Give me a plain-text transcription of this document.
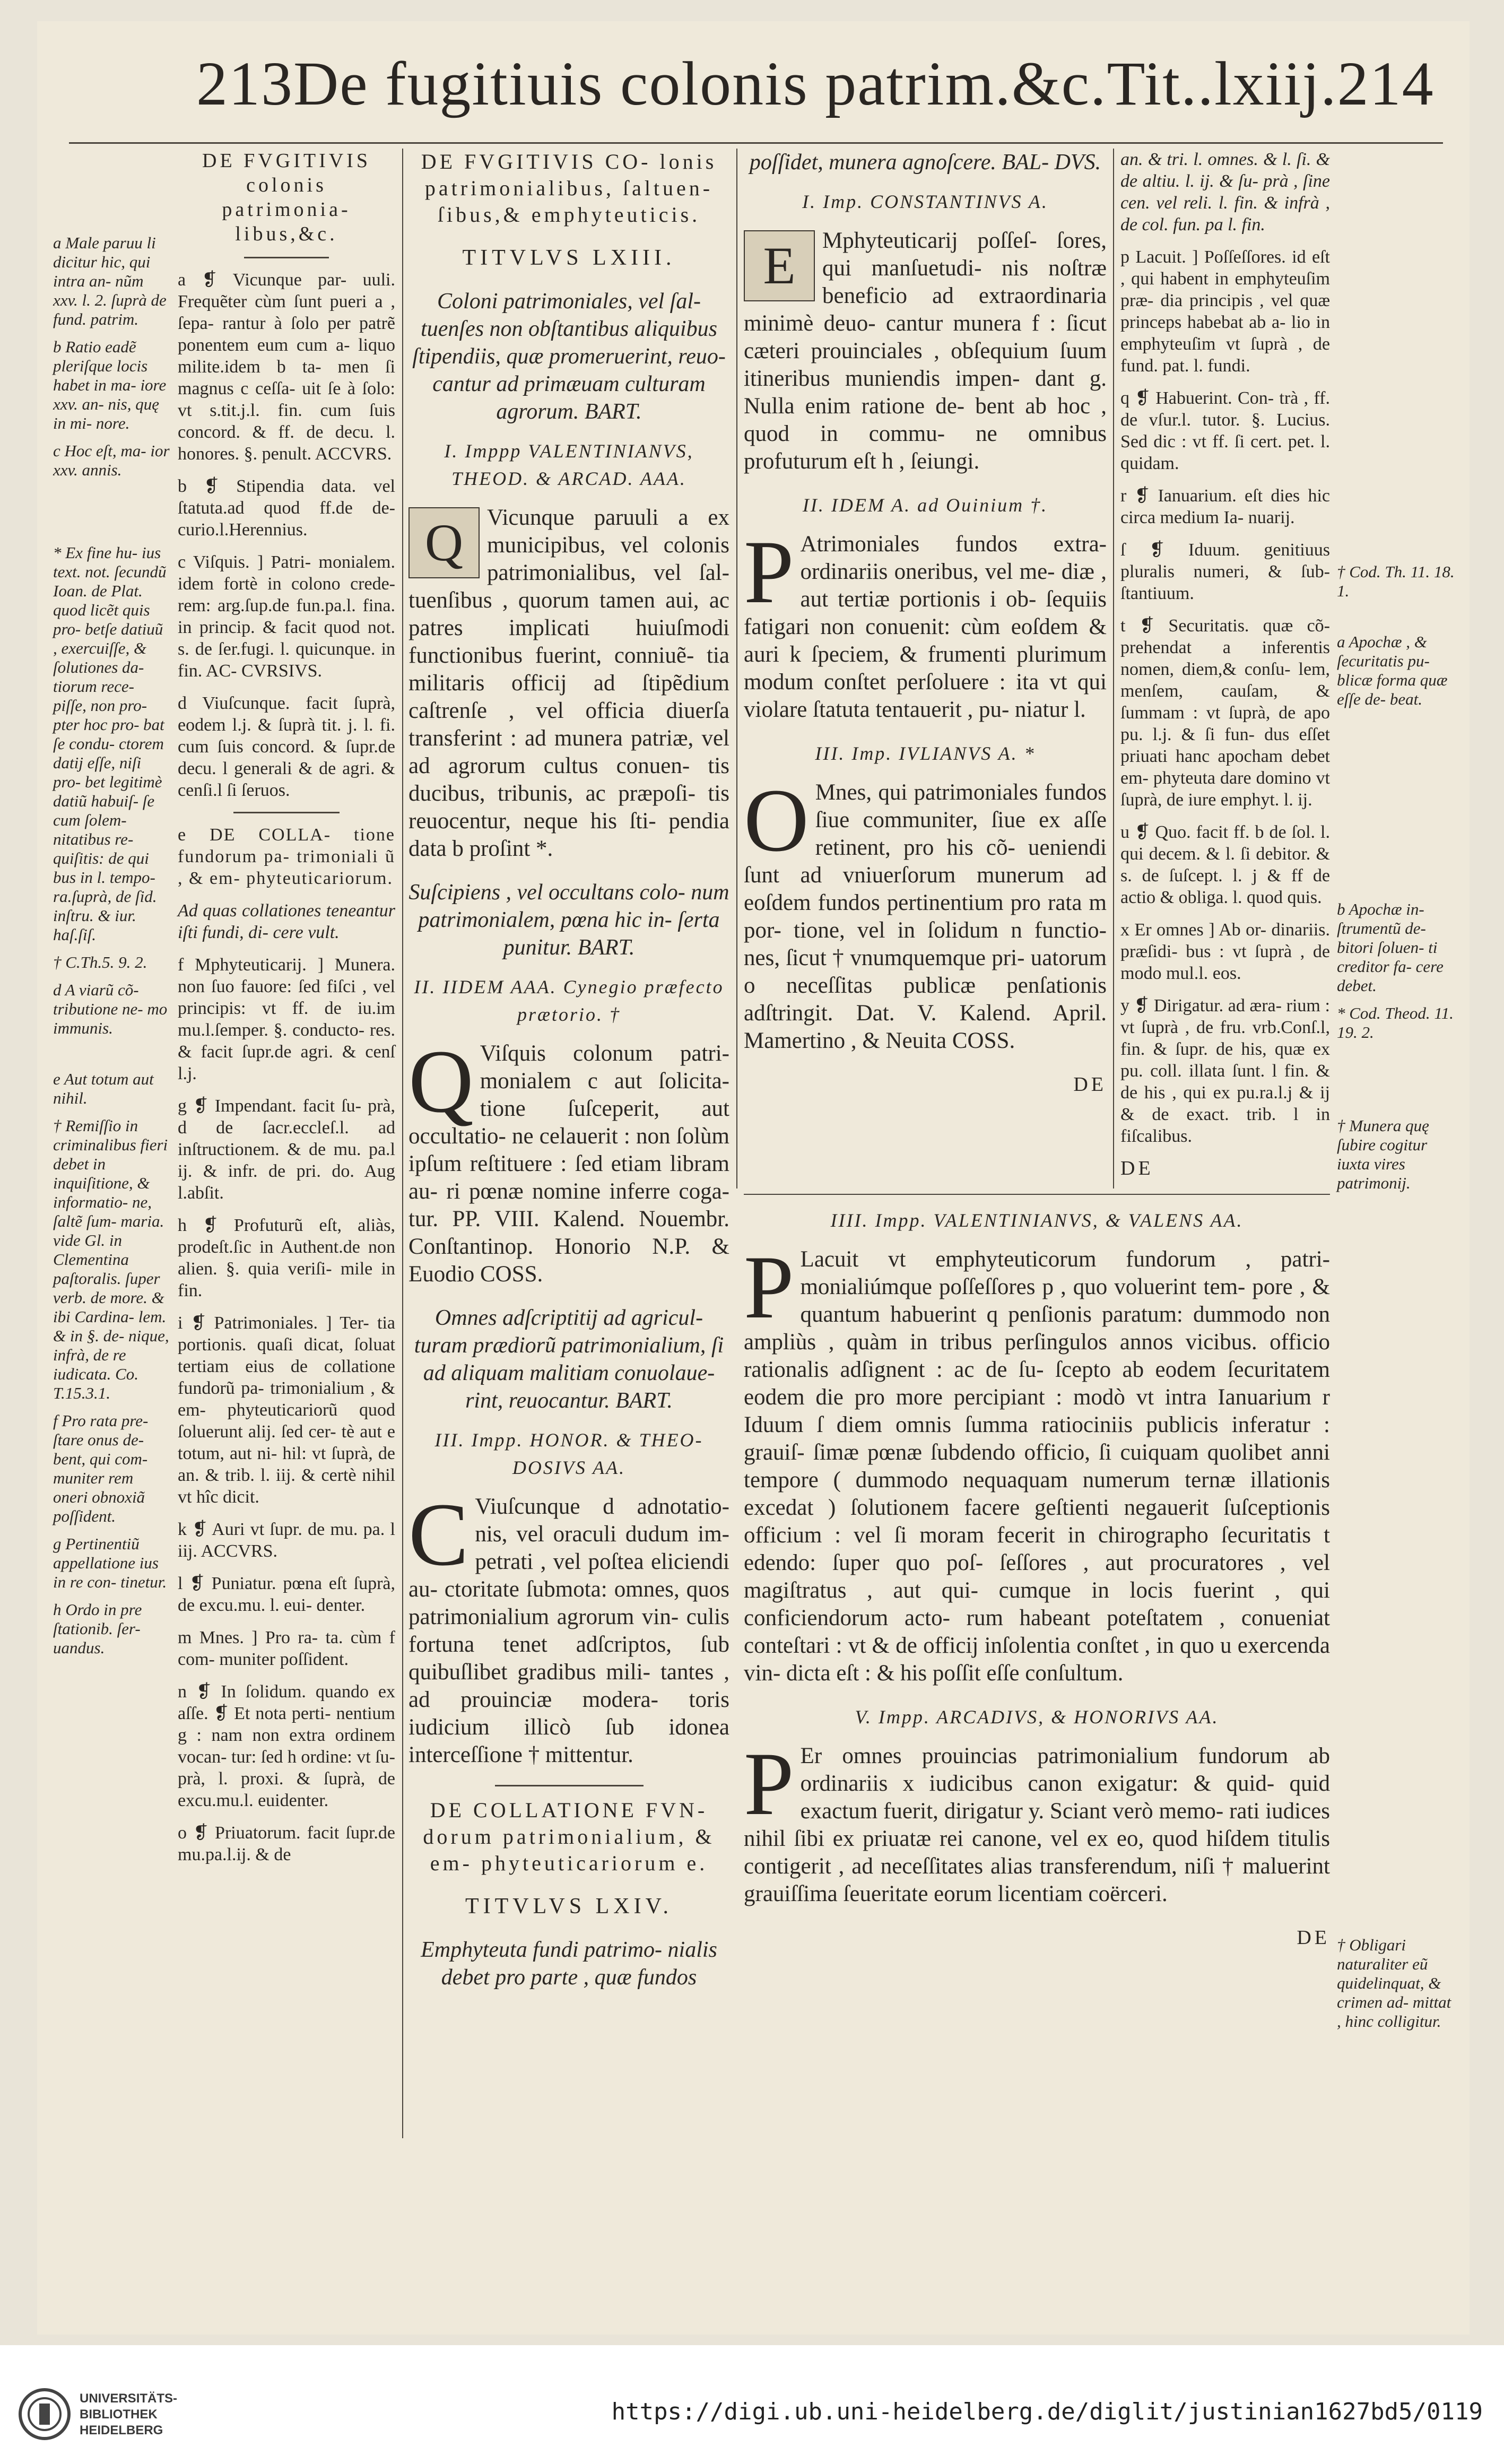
213 De fugitiuis colonis patrim.&c.Tit..lxiij. 214

a Male paruu li dicitur hic, qui intra an- nũm xxv. l. 2. ſuprà de fund. patrim.

b Ratio eadẽ pleriſque locis habet in ma- iore xxv. an- nis, quę in mi- nore.

c Hoc eſt, ma- ior xxv. annis.

* Ex fine hu- ius text. not. ſecundũ Ioan. de Plat. quod licẽt quis pro- betſe datiuũ , exercuiſſe, & ſolutiones da- tiorum rece- piſſe, non pro- pter hoc pro- bat ſe condu- ctorem datij eſſe, niſi pro- bet legitimè datiũ habuiſ- ſe cum ſolem- nitatibus re- quiſitis: de qui bus in l. tempo- ra.ſuprà, de ſid. inſtru. & iur. haſ.ſiſ.

† C.Th.5. 9. 2.

d A viarũ cõ- tributione ne- mo immunis.

e Aut totum aut nihil.

† Remiſſio in criminalibus fieri debet in inquiſitione, & informatio- ne, ſaltẽ ſum- maria. vide Gl. in Clementina paſtoralis. ſuper verb. de more. & ibi Cardina- lem. & in §. de- nique, infrà, de re iudicata. Co. T.15.3.1.

f Pro rata pre- ſtare onus de- bent, qui com- muniter rem oneri obnoxiã poſſident.

g Pertinentiũ appellatione ius in re con- tinetur.

h Ordo in pre ſtationib. ſer- uandus.

DE FVGITIVIS colonis patrimonia- libus,&c.

a ❡ Vicunque par- uuli. Frequẽter cùm ſunt pueri a , ſepa- rantur à ſolo per patrẽ ponentem eum cum a- liquo milite.idem b ta- men ſi magnus c ceſſa- uit ſe à ſolo: vt s.tit.j.l. fin. cum ſuis concord. & ff. de decu. l. honores. §. penult. ACCVRS.

b ❡ Stipendia data. vel ſtatuta.ad quod ff.de de- curio.l.Herennius.

c Viſquis. ] Patri- monialem. idem fortè in colono crede- rem: arg.ſup.de fun.pa.l. fina. in princip. & facit quod not. s. de ſer.fugi. l. quicunque. in fin. AC- CVRSIVS.

d Viuſcunque. facit ſuprà, eodem l.j. & ſuprà tit. j. l. fi. cum ſuis concord. & ſupr.de decu. l generali & de agri. & cenſi.l ſi ſeruos.

e DE COLLA- tione fundorum pa- trimoniali ũ , & em- phyteuticariorum.

Ad quas collationes teneantur iſti fundi, di- cere vult.

f Mphyteuticarij. ] Munera. non ſuo fauore: ſed fiſci , vel principis: vt ff. de iu.im mu.l.ſemper. §. conducto- res. & facit ſupr.de agri. & cenſ l.j.

g ❡ Impendant. facit ſu- prà, d de ſacr.eccleſ.l. ad inſtructionem. & de mu. pa.l ij. & infr. de pri. do. Aug l.abſit.

h ❡ Profuturũ eſt, aliàs, prodeſt.ſic in Authent.de non alien. §. quia veriſi- mile in fin.

i ❡ Patrimoniales. ] Ter- tia portionis. quaſi dicat, ſoluat tertiam eius de collatione fundorũ pa- trimonialium , & em- phyteuticariorũ quod ſoluerunt alij. ſed cer- tè aut e totum, aut ni- hil: vt ſuprà, de an. & trib. l. iij. & certè nihil vt hîc dicit.

k ❡ Auri vt ſupr. de mu. pa. l iij. ACCVRS.

l ❡ Puniatur. pœna eſt ſuprà, de excu.mu. l. eui- denter.

m Mnes. ] Pro ra- ta. cùm f com- muniter poſſident.

n ❡ In ſolidum. quando ex aſſe. ❡ Et nota perti- nentium g : nam non extra ordinem vocan- tur: ſed h ordine: vt ſu- prà, l. proxi. & ſuprà, de excu.mu.l. euidenter.

o ❡ Priuatorum. facit ſupr.de mu.pa.l.ij. & de

DE FVGITIVIS CO- lonis patrimonialibus, ſaltuen- ſibus,& emphyteuticis.
TITVLVS LXIII.
Coloni patrimoniales, vel ſal- tuenſes non obſtantibus aliquibus ſtipendiis, quæ promeruerint, reuo- cantur ad primæuam culturam agrorum. BART.
I. Imppp VALENTINIANVS, THEOD. & ARCAD. AAA.

Q	Vicunque paruuli a ex municipibus, vel colonis patrimonialibus, vel ſal- tuenſibus , quorum tamen aui, ac patres implicati huiuſmodi functionibus fuerint, conniuẽ- tia militaris officij ad ſtipẽdium caſtrenſe , vel officia diuerſa transferint : ad munera patriæ, vel ad agrorum cultus conuen- tis ducibus, tribunis, ac præpoſi- tis reuocentur, neque his ſti- pendia data b proſint *.

Suſcipiens , vel occultans colo- num patrimonialem, pœna hic in- ſerta punitur. BART.
II. IIDEM AAA. Cynegio præfecto prætorio. †

Q Viſquis colonum patri- monialem c aut ſolicita- tione ſuſceperit, aut occultatio- ne celauerit : non ſolùm ipſum reſtituere : ſed etiam libram au- ri pœnæ nomine inferre coga- tur. PP. VIII. Kalend. Nouembr. Conſtantinop. Honorio N.P. & Euodio COSS.

Omnes adſcriptitij ad agricul- turam prædiorũ patrimonialium, ſi ad aliquam malitiam conuolaue- rint, reuocantur. BART.
III. Impp. HONOR. & THEO- DOSIVS AA.

C Viuſcunque d adnotatio- nis, vel oraculi dudum im- petrati , vel poſtea eliciendi au- ctoritate ſubmota: omnes, quos patrimonialium agrorum vin- culis fortuna tenet adſcriptos, ſub quibuſlibet gradibus mili- tantes , ad prouinciæ modera- toris iudicium illicò ſub idonea interceſſione † mittentur.

DE COLLATIONE FVN- dorum patrimonialium, & em- phyteuticariorum e.
TITVLVS LXIV.
Emphyteuta fundi patrimo- nialis debet pro parte , quæ fundos
poſſidet, munera agnoſcere. BAL- DVS.
I. Imp. CONSTANTINVS A.

E	Mphyteuticarij poſſeſ- ſores, qui manſuetudi- nis noſtræ beneficio ad extraordinaria minimè deuo- cantur munera f : ſicut cæteri prouinciales , obſequium ſuum itineribus muniendis impen- dant g. Nulla enim ratione de- bent ab hoc , quod in commu- ne omnibus profuturum eſt h , ſeiungi.

II. IDEM A. ad Ouinium †.

P Atrimoniales fundos extra- ordinariis oneribus, vel me- diæ , aut tertiæ portionis i ob- ſequiis fatigari non conuenit: cùm eoſdem & auri k ſpeciem, & frumenti plurimum modum conſtet perſoluere : ita vt qui violare ſtatuta tentauerit , pu- niatur l.

III. Imp. IVLIANVS A. *

O Mnes, qui patrimoniales fundos ſiue communiter, ſiue ex aſſe retinent, pro his cõ- ueniendi ſunt ad vniuerſorum munerum ad eoſdem fundos pertinentium pro rata m por- tione, vel in ſolidum n functio- nes, ſicut † vnumquemque pri- uatorum o neceſſitas publicæ penſationis adſtringit. Dat. V. Kalend. April. Mamertino , & Neuita COSS.

DE

an. & tri. l. omnes. & l. ſi. & de altiu. l. ij. & ſu- prà , ſine cen. vel reli. l. fin. & infrà , de col. fun. pa l. fin.

p Lacuit. ] Poſſeſſores. id eſt , qui habent in emphyteuſim præ- dia principis , vel quæ princeps habebat ab a- lio in emphyteuſim vt ſuprà , de fund. pat. l. fundi.

q ❡ Habuerint. Con- trà , ff. de vſur.l. tutor. §. Lucius. Sed dic : vt ff. ſi cert. pet. l. quidam.

r ❡ Ianuarium. eſt dies hic circa medium Ia- nuarij.

ſ ❡ Iduum. genitiuus pluralis numeri, & ſub- ſtantiuum.

t ❡ Securitatis. quæ cõ- prehendat a inferentis nomen, diem,& conſu- lem, menſem, cauſam, & ſummam : vt ſuprà, de apo pu. l.j. & ſi fun- dus eſſet priuati hanc apocham debet em- phyteuta dare domino vt ſuprà, de iure emphyt. l. ij.

u ❡ Quo. facit ff. b de ſol. l. qui decem. & l. ſi debitor. & s. de ſuſcept. l. j & ff de actio & obliga. l. quod quis.

x Er omnes ] Ab or- dinariis. præſidi- bus : vt ſuprà , de modo mul.l. eos.

y ❡ Dirigatur. ad æra- rium : vt ſuprà , de fru. vrb.Conſ.l, fin. & ſupr. de his, quæ ex pu. coll. illata ſunt. l fin. & de his , qui ex pu.ra.l.j & ij & de exact. trib. l in fiſcalibus.

DE

† Cod. Th. 11. 18. 1.

a Apochæ , & ſecuritatis pu- blicæ forma quæ eſſe de- beat.

b Apochæ in- ſtrumentũ de- bitori ſoluen- ti creditor fa- cere debet.

* Cod. Theod. 11. 19. 2.

† Munera quę ſubire cogitur iuxta vires patrimonij.

† Obligari naturaliter eũ quidelinquat, & crimen ad- mittat , hinc colligitur.

IIII. Impp. VALENTINIANVS, & VALENS AA.

P Lacuit vt emphyteuticorum fundorum , patri- monialiúmque poſſeſſores p , quo voluerint tem- pore , & quantum habuerint q penſionis paratum: dummodo non ampliùs , quàm in tribus perſingulos annos vicibus. officio rationalis adſignent : ac de ſu- ſcepto ab eodem ſecuritatem eodem die pro more percipiant : modò vt intra Ianuarium r Iduum ſ diem omnis ſumma ratiociniis publicis inferatur : grauiſ- ſimæ pœnæ ſubdendo officio, ſi cuiquam quolibet anni tempore ( dummodo nequaquam numerum ternæ illationis excedat ) ſolutionem facere geſtienti negauerit ſuſceptionis officium : vel ſi moram fecerit in chirographo ſecuritatis t edendo: ſuper quo poſ- ſeſſores , aut procuratores , vel magiſtratus , aut qui- cumque in locis fuerint , qui conficiendorum acto- rum habeant poteſtatem , conueniat conteſtari : vt & de officij inſolentia conſtet , in quo u exercenda vin- dicta eſt : & his poſſit eſſe conſultum.

V. Impp. ARCADIVS, & HONORIVS AA.

P Er omnes prouincias patrimonialium fundorum ab ordinariis x iudicibus canon exigatur: & quid- quid exactum fuerit, dirigatur y. Sciant verò memo- rati iudices nihil ſibi ex priuatæ rei canone, vel ex eo, quod hiſdem titulis contigerit , ad neceſſitates alias transferendum, niſi † maluerint grauiſſima ſeueritate eorum licentiam coërceri.

DE
UNIVERSITÄTS-
BIBLIOTHEK
HEIDELBERG
https://digi.ub.uni-heidelberg.de/diglit/justinian1627bd5/0119
